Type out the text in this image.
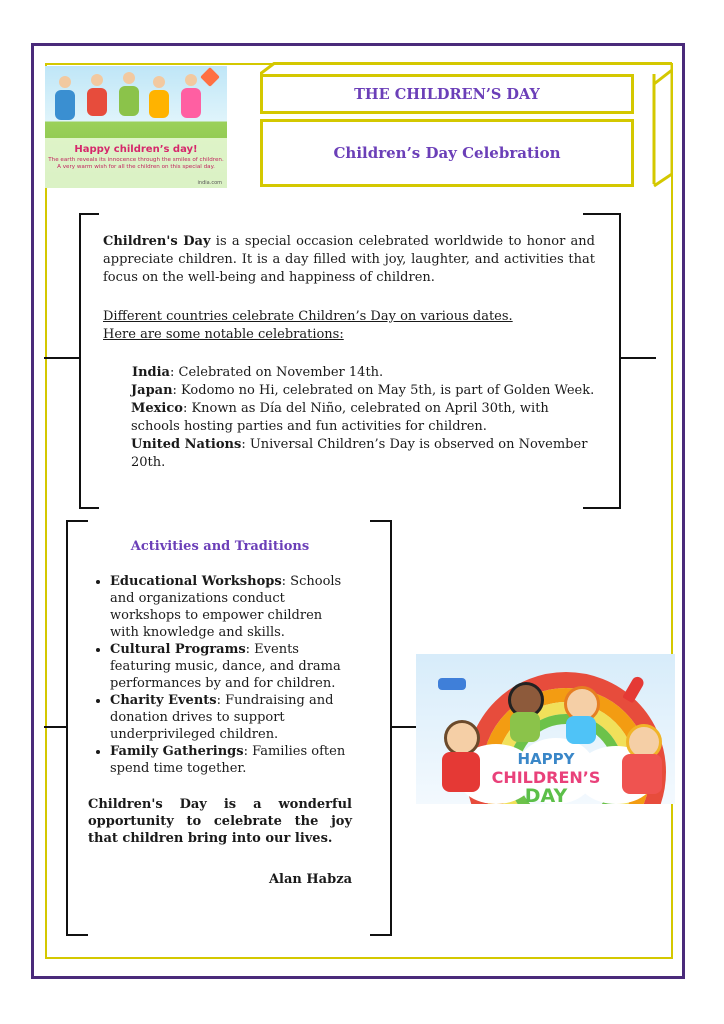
Happy children’s day!
The earth reveals its innocence through the smiles of children. A very warm wish for all the children on this special day.
india.com
THE CHILDREN’S DAY
Children’s Day Celebration

Children's Day is a special occasion celebrated worldwide to honor and appreciate children. It is a day filled with joy, laughter, and activities that focus on the well-being and happiness of children.

Different countries celebrate Children’s Day on various dates. Here are some notable celebrations:

India: Celebrated on November 14th.
Japan: Kodomo no Hi, celebrated on May 5th, is part of Golden Week.
Mexico: Known as Día del Niño, celebrated on April 30th, with schools hosting parties and fun activities for children.
United Nations: Universal Children’s Day is observed on November 20th.
Activities and Traditions
• Educational Workshops: Schools and organizations conduct workshops to empower children with knowledge and skills.
• Cultural Programs: Events featuring music, dance, and drama performances by and for children.
• Charity Events: Fundraising and donation drives to support underprivileged children.
• Family Gatherings: Families often spend time together.
Children's Day is a wonderful opportunity to celebrate the joy that children bring into our lives.
Alan Habza
HAPPY
CHILDREN’S
DAY
